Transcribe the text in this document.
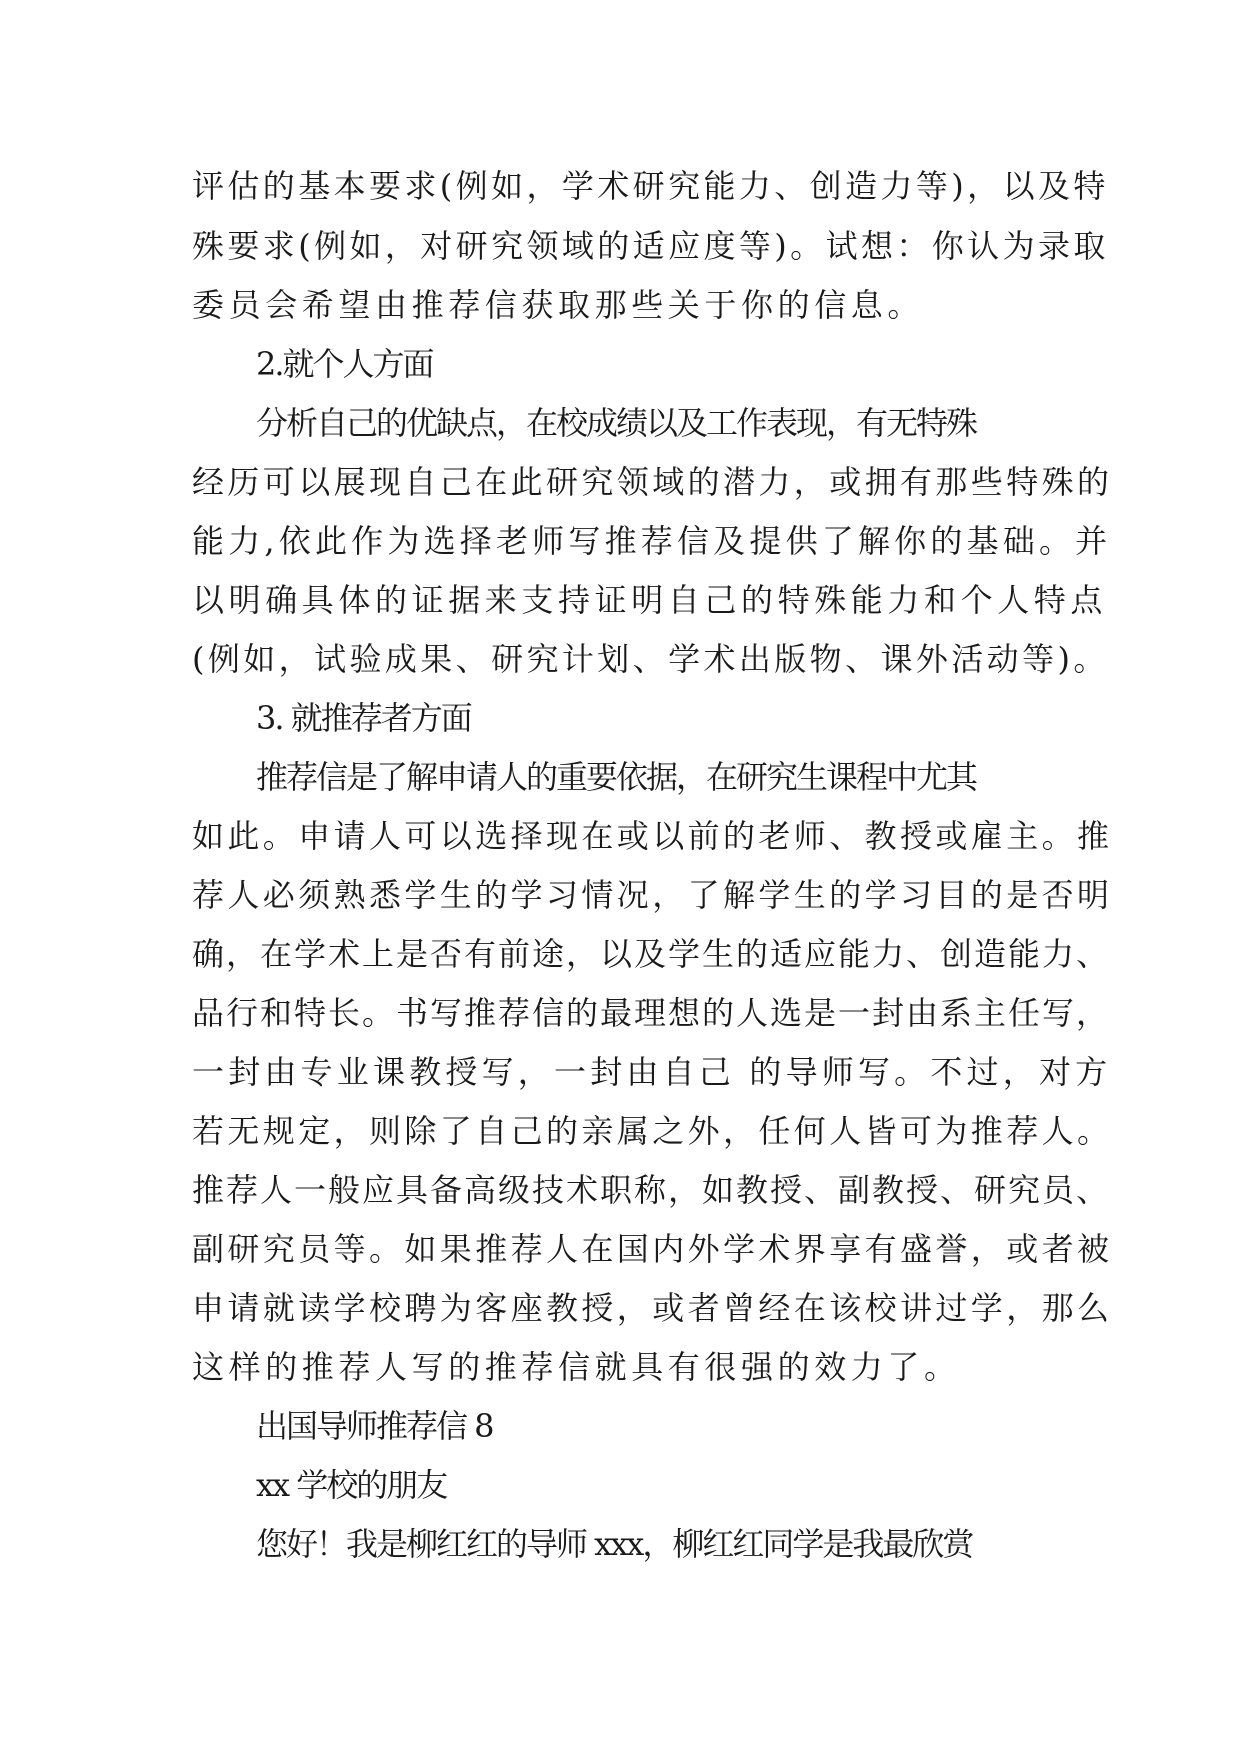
评估的基本要求(例如，学术研究能力、创造力等)，以及特
殊要求(例如，对研究领域的适应度等)。试想：你认为录取
委员会希望由推荐信获取那些关于你的信息。
2.就个人方面
分析自己的优缺点，在校成绩以及工作表现，有无特殊
经历可以展现自己在此研究领域的潜力，或拥有那些特殊的
能力,依此作为选择老师写推荐信及提供了解你的基础。并
以明确具体的证据来支持证明自己的特殊能力和个人特点
(例如，试验成果、研究计划、学术出版物、课外活动等)。
3. 就推荐者方面
推荐信是了解申请人的重要依据，在研究生课程中尤其
如此。申请人可以选择现在或以前的老师、教授或雇主。推
荐人必须熟悉学生的学习情况，了解学生的学习目的是否明
确，在学术上是否有前途，以及学生的适应能力、创造能力、
品行和特长。书写推荐信的最理想的人选是一封由系主任写，
一封由专业课教授写，一封由自己 的导师写。不过，对方
若无规定，则除了自己的亲属之外，任何人皆可为推荐人。
推荐人一般应具备高级技术职称，如教授、副教授、研究员、
副研究员等。如果推荐人在国内外学术界享有盛誉，或者被
申请就读学校聘为客座教授，或者曾经在该校讲过学，那么
这样的推荐人写的推荐信就具有很强的效力了。
出国导师推荐信 8
xx 学校的朋友
您好！我是柳红红的导师 xxx，柳红红同学是我最欣赏
